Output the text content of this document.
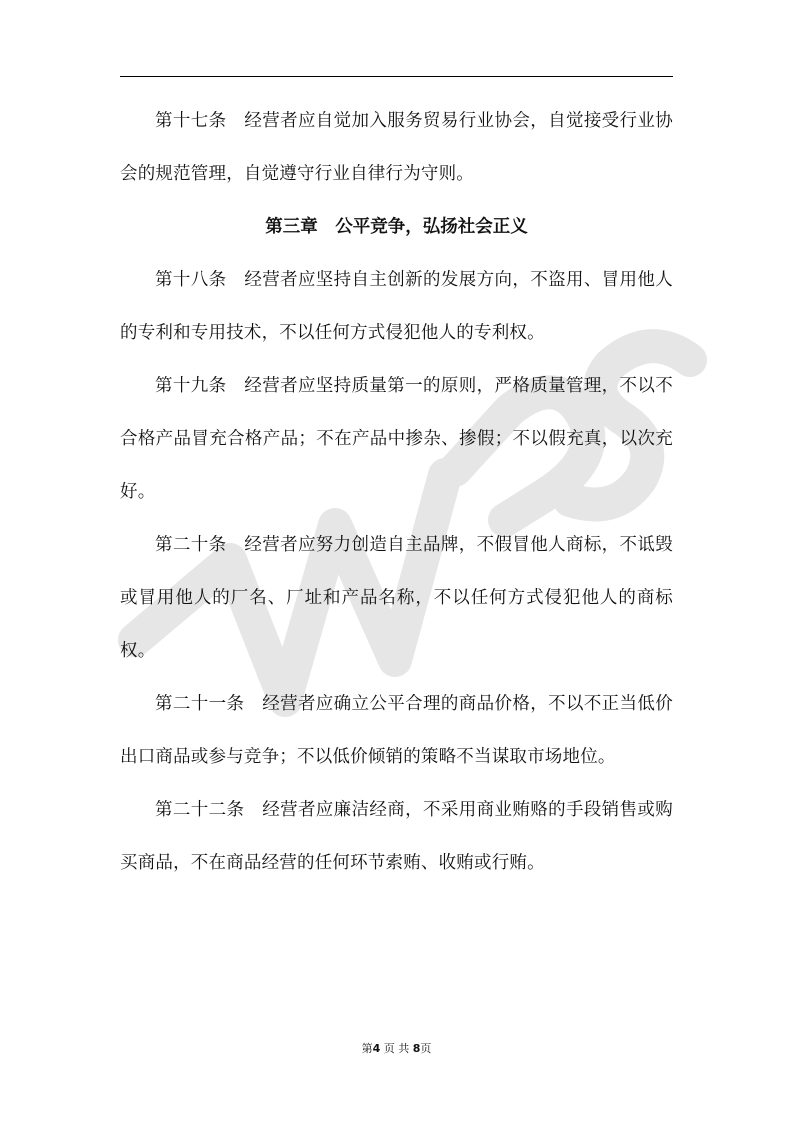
第十七条　经营者应自觉加入服务贸易行业协会，自觉接受行业协会的规范管理，自觉遵守行业自律行为守则。

第三章　公平竞争，弘扬社会正义

第十八条　经营者应坚持自主创新的发展方向，不盗用、冒用他人的专利和专用技术，不以任何方式侵犯他人的专利权。

第十九条　经营者应坚持质量第一的原则，严格质量管理，不以不合格产品冒充合格产品；不在产品中掺杂、掺假；不以假充真，以次充好。

第二十条　经营者应努力创造自主品牌，不假冒他人商标，不诋毁或冒用他人的厂名、厂址和产品名称，不以任何方式侵犯他人的商标权。

第二十一条　经营者应确立公平合理的商品价格，不以不正当低价出口商品或参与竞争；不以低价倾销的策略不当谋取市场地位。

第二十二条　经营者应廉洁经商，不采用商业贿赂的手段销售或购买商品，不在商品经营的任何环节索贿、收贿或行贿。

第4 页 共 8页
